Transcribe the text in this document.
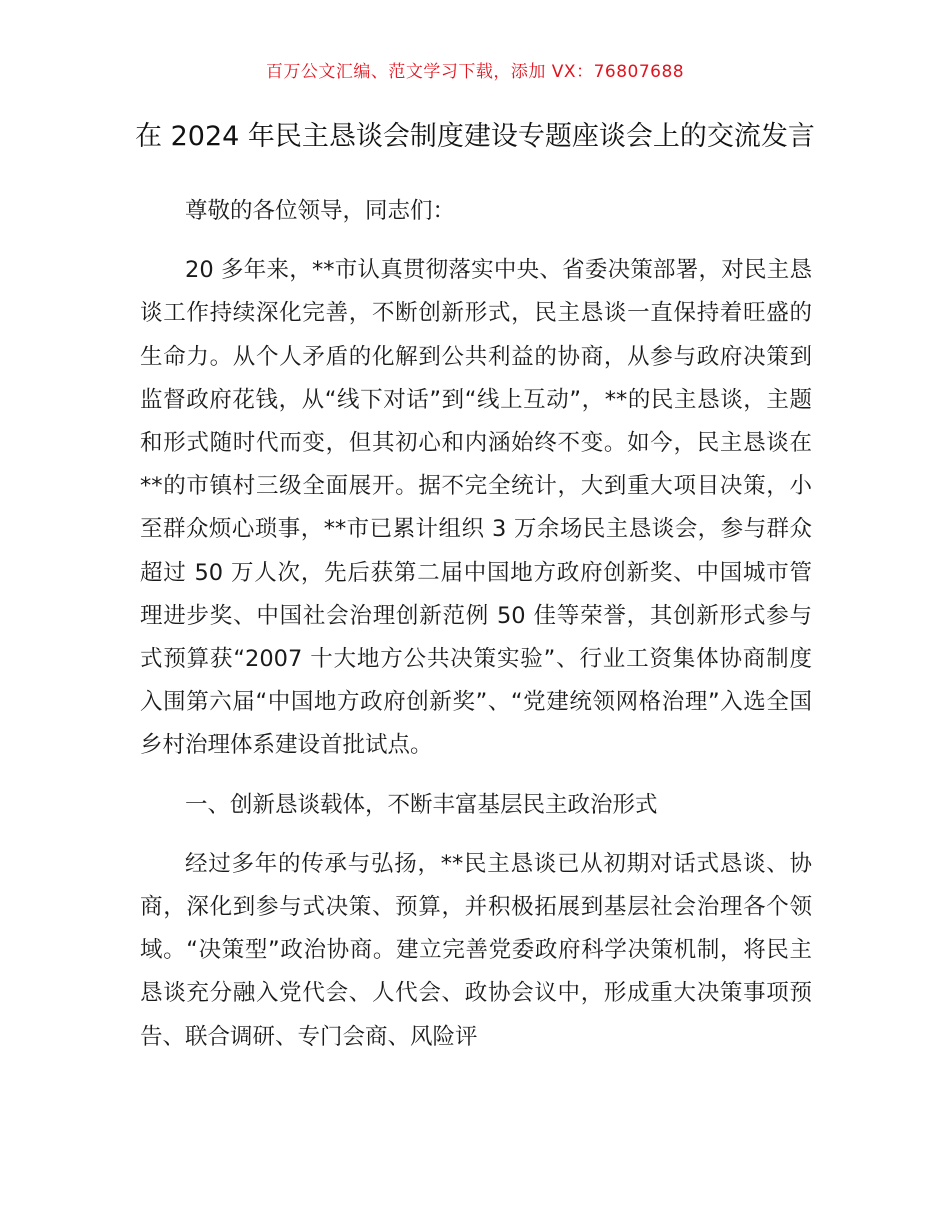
百万公文汇编、范文学习下载，添加 VX：76807688
在 2024 年民主恳谈会制度建设专题座谈会上的交流发言

尊敬的各位领导，同志们：

20 多年来，**市认真贯彻落实中央、省委决策部署，对民主恳谈工作持续深化完善，不断创新形式，民主恳谈一直保持着旺盛的生命力。从个人矛盾的化解到公共利益的协商，从参与政府决策到监督政府花钱，从“线下对话”到“线上互动”，**的民主恳谈，主题和形式随时代而变，但其初心和内涵始终不变。如今，民主恳谈在**的市镇村三级全面展开。据不完全统计，大到重大项目决策，小至群众烦心琐事，**市已累计组织 3 万余场民主恳谈会，参与群众超过 50 万人次，先后获第二届中国地方政府创新奖、中国城市管理进步奖、中国社会治理创新范例 50 佳等荣誉，其创新形式参与式预算获“2007 十大地方公共决策实验”、行业工资集体协商制度入围第六届“中国地方政府创新奖”、“党建统领网格治理”入选全国乡村治理体系建设首批试点。

一、创新恳谈载体，不断丰富基层民主政治形式

经过多年的传承与弘扬，**民主恳谈已从初期对话式恳谈、协商，深化到参与式决策、预算，并积极拓展到基层社会治理各个领域。“决策型”政治协商。建立完善党委政府科学决策机制，将民主恳谈充分融入党代会、人代会、政协会议中，形成重大决策事项预告、联合调研、专门会商、风险评
